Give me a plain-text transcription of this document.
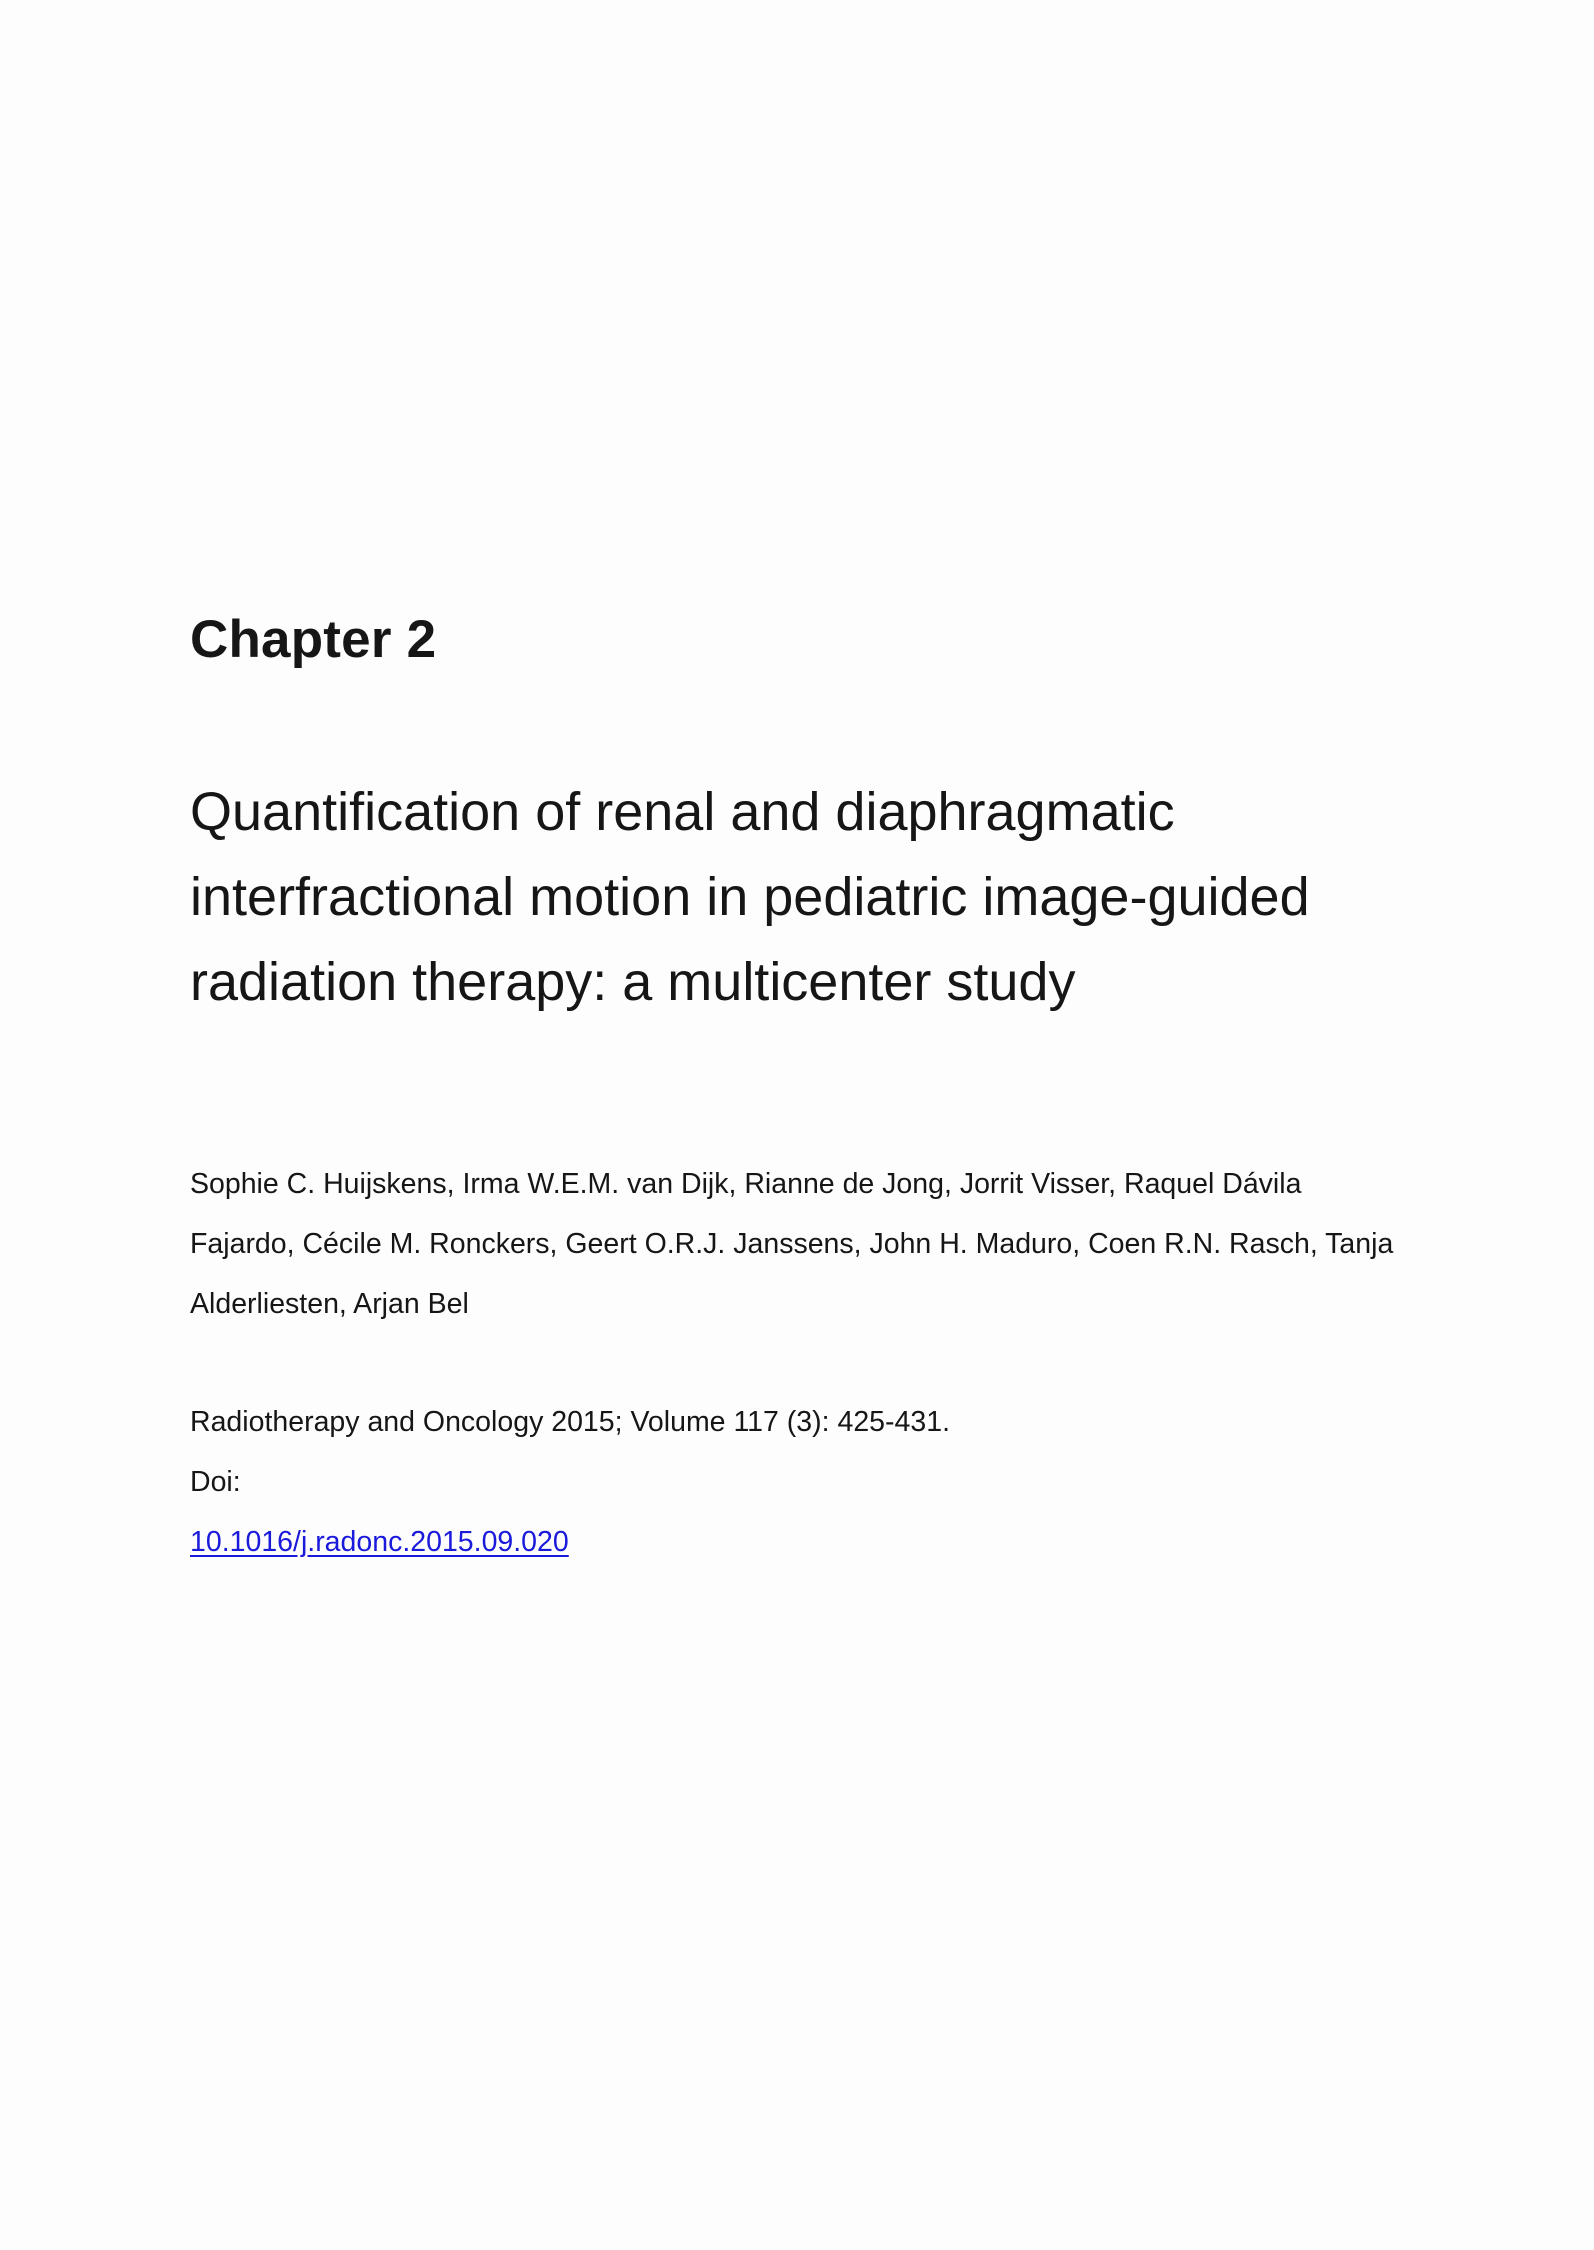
Chapter 2
Quantification of renal and diaphragmatic
interfractional motion in pediatric image-guided
radiation therapy: a multicenter study

Sophie C. Huijskens, Irma W.E.M. van Dijk, Rianne de Jong, Jorrit Visser, Raquel Dávila
Fajardo, Cécile M. Ronckers, Geert O.R.J. Janssens, John H. Maduro, Coen R.N. Rasch, Tanja
Alderliesten, Arjan Bel

Radiotherapy and Oncology 2015; Volume 117 (3): 425-431.
Doi:
10.1016/j.radonc.2015.09.020
